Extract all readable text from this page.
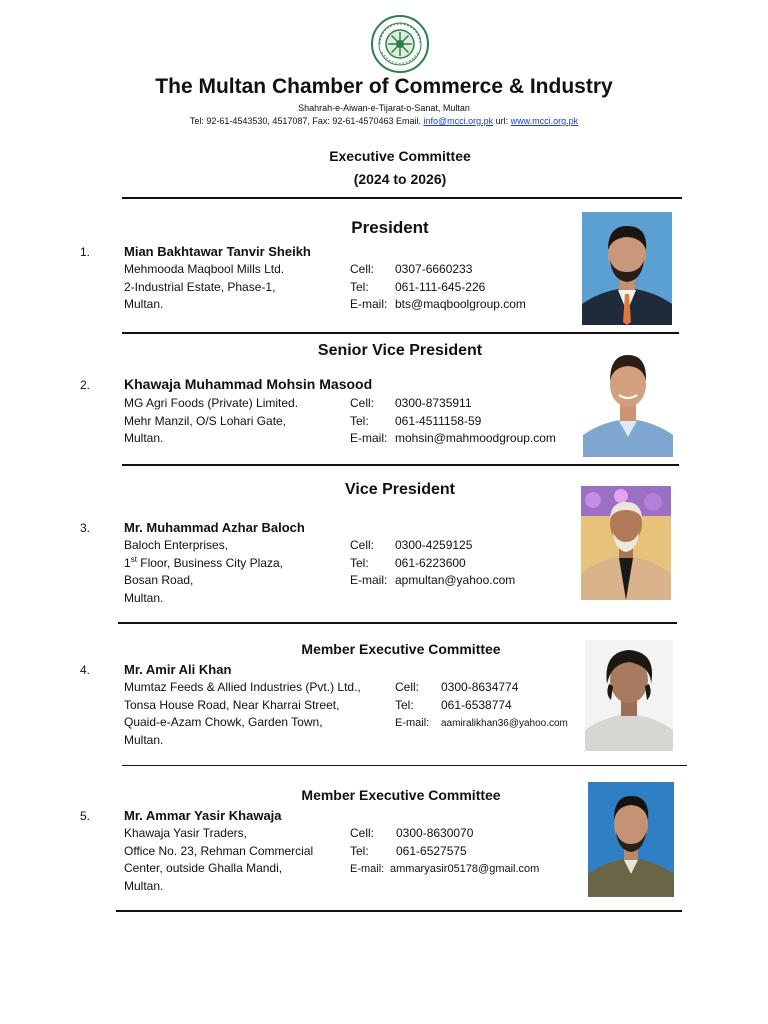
The Multan Chamber of Commerce & Industry
Shahrah-e-Aiwan-e-Tijarat-o-Sanat, Multan
Tel: 92-61-4543530, 4517087, Fax: 92-61-4570463 Email. info@mcci.org.pk url: www.mcci.org.pk
Executive Committee
(2024 to 2026)
President
1.	Mian Bakhtawar Tanvir Sheikh
Mehmooda Maqbool Mills Ltd.
2-Industrial Estate, Phase-1,
Multan.
Cell: 0307-6660233
Tel: 061-111-645-226
E-mail: bts@maqboolgroup.com
Senior Vice President
2. Khawaja Muhammad Mohsin Masood
MG Agri Foods (Private) Limited.
Mehr Manzil, O/S Lohari Gate,
Multan.
Cell: 0300-8735911
Tel: 061-4511158-59
E-mail: mohsin@mahmoodgroup.com
Vice President
3.	Mr. Muhammad Azhar Baloch
Baloch Enterprises,
1st Floor, Business City Plaza,
Bosan Road,
Multan.
Cell: 0300-4259125
Tel: 061-6223600
E-mail: apmultan@yahoo.com
Member Executive Committee
4.	Mr. Amir Ali Khan
Mumtaz Feeds & Allied Industries (Pvt.) Ltd.,
Tonsa House Road, Near Kharrai Street,
Quaid-e-Azam Chowk, Garden Town,
Multan.
Cell: 0300-8634774
Tel: 061-6538774
E-mail: aamiralikhan36@yahoo.com
Member Executive Committee
5.	Mr. Ammar Yasir Khawaja
Khawaja Yasir Traders,
Office No. 23, Rehman Commercial
Center, outside Ghalla Mandi,
Multan.
Cell: 0300-8630070
Tel: 061-6527575
E-mail: ammaryasir05178@gmail.com
